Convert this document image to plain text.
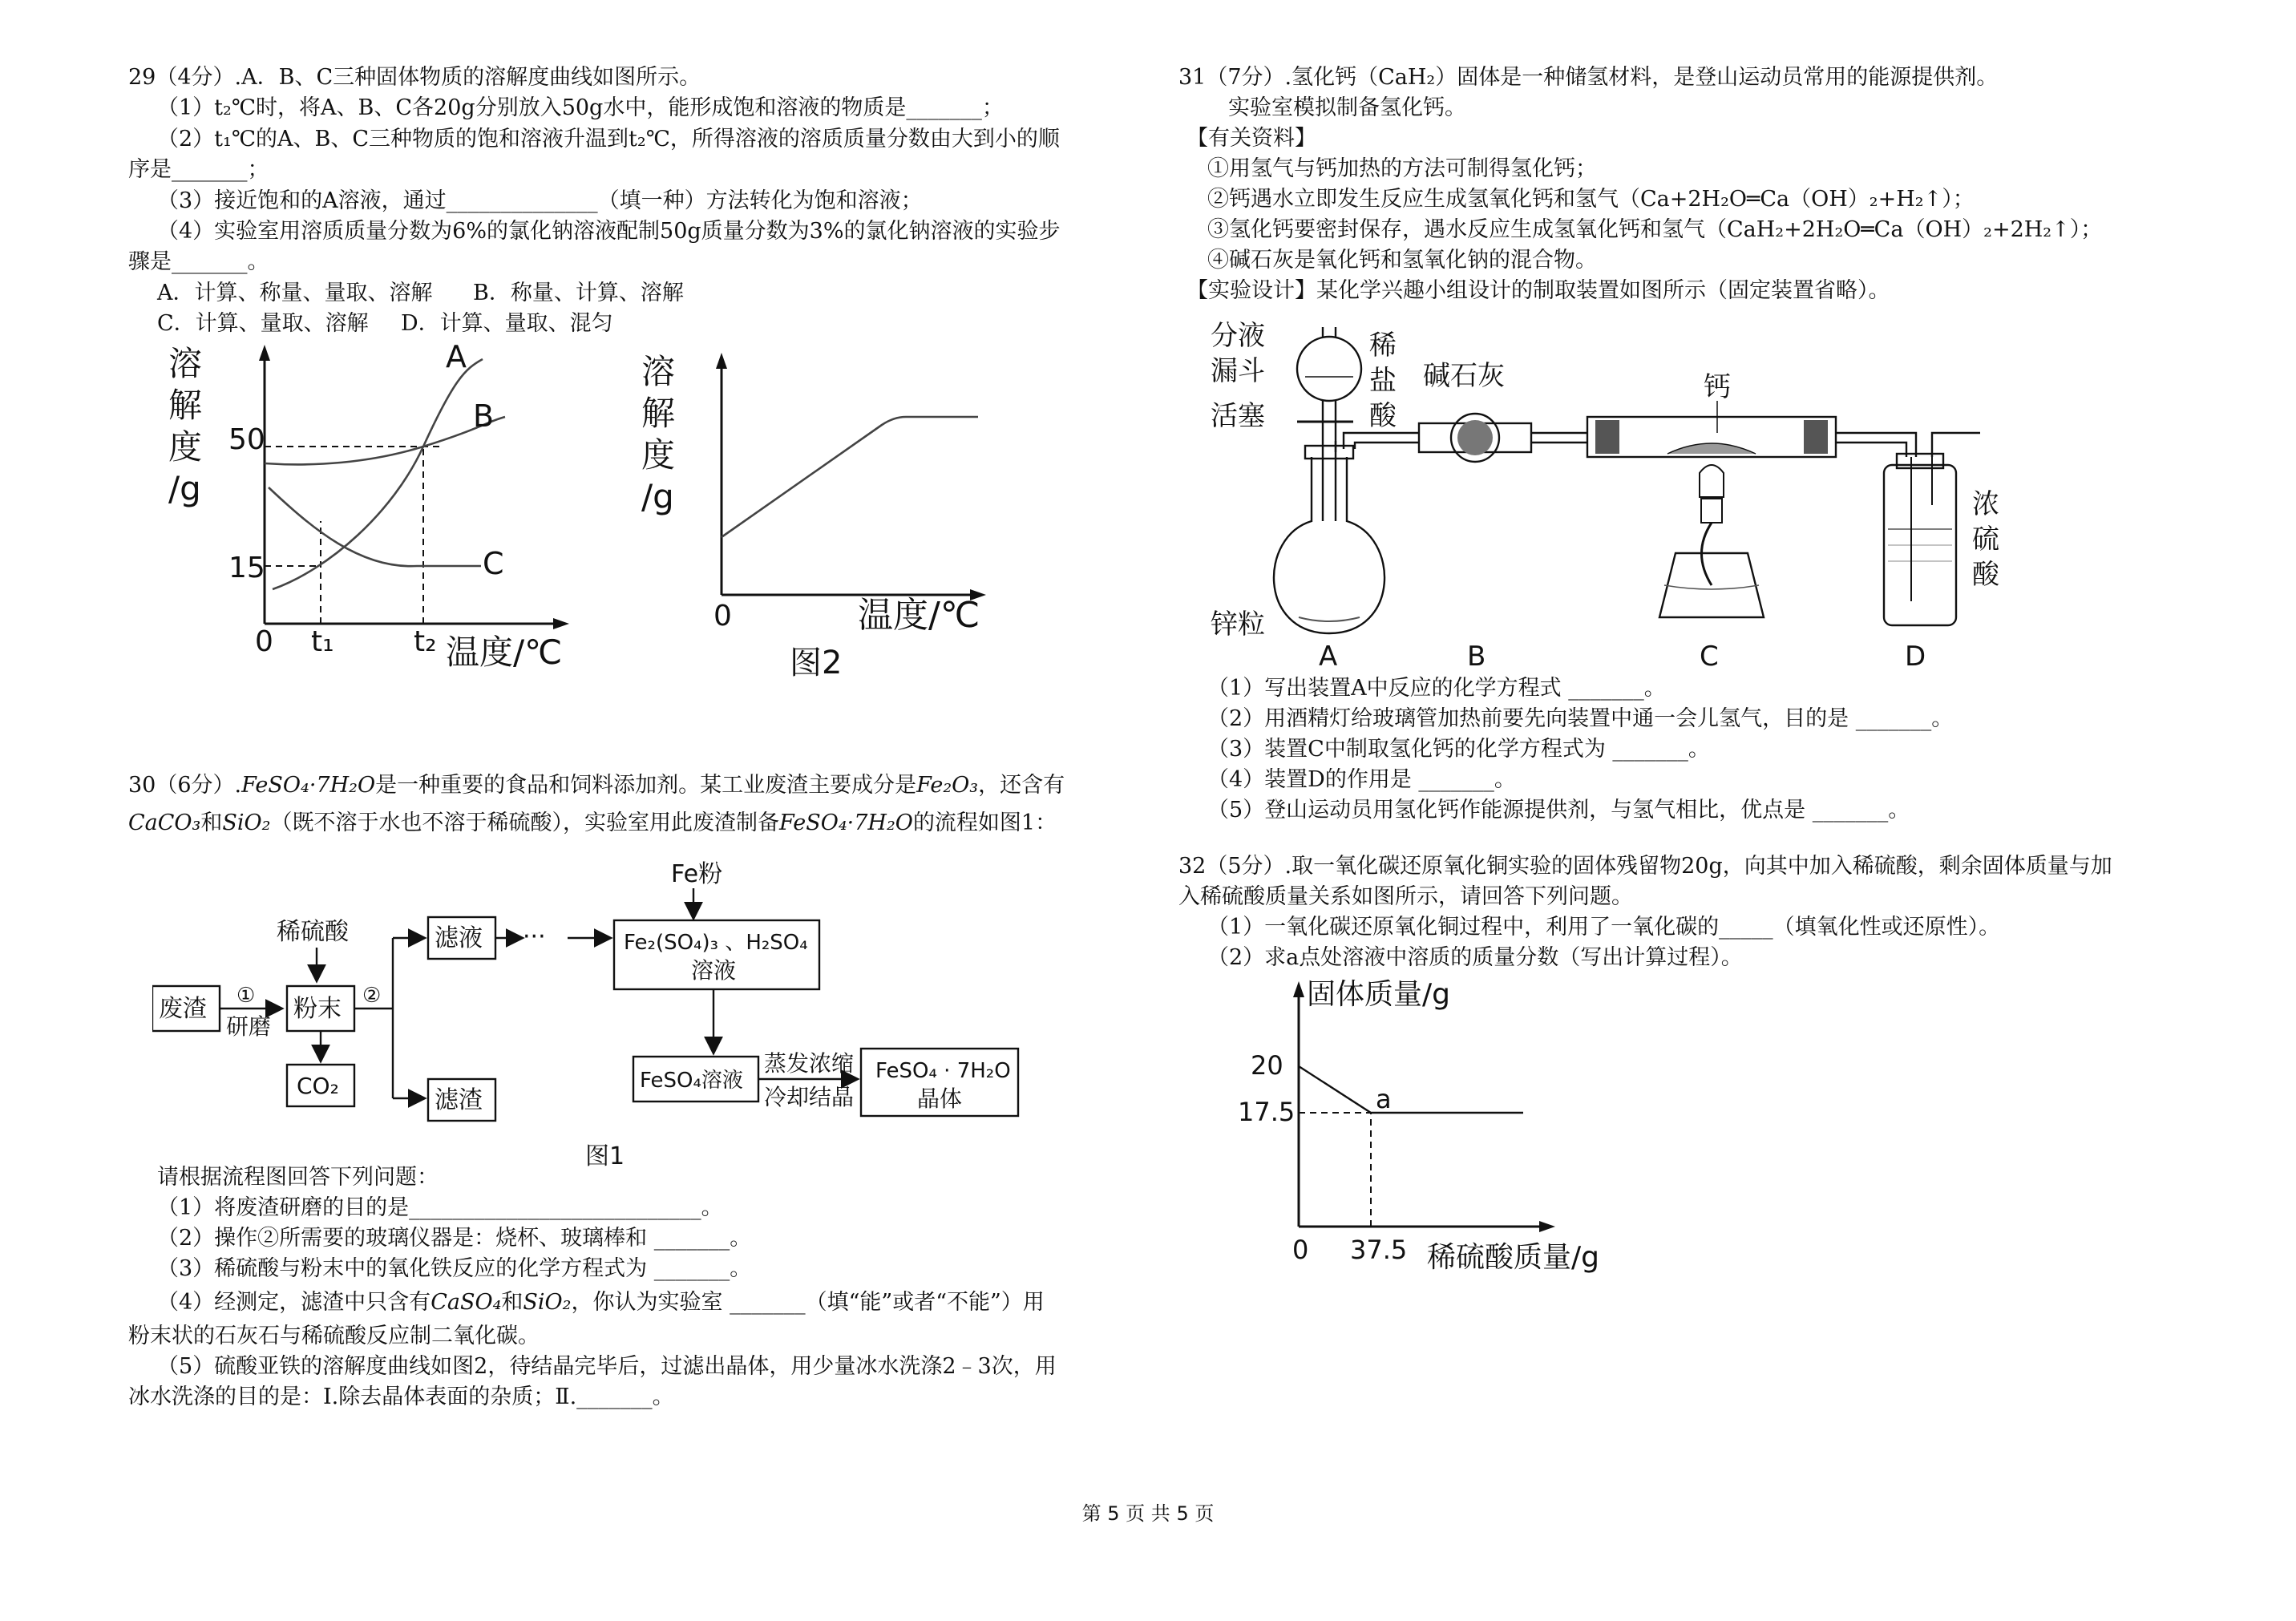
29（4分）.A．B、C三种固体物质的溶解度曲线如图所示。
（1）t₂℃时，将A、B、C各20g分别放入50g水中，能形成饱和溶液的物质是_______；
（2）t₁℃的A、B、C三种物质的饱和溶液升温到t₂℃，所得溶液的溶质质量分数由大到小的顺
序是_______；
（3）接近饱和的A溶液，通过______________（填一种）方法转化为饱和溶液；
（4）实验室用溶质质量分数为6%的氯化钠溶液配制50g质量分数为3%的氯化钠溶液的实验步
骤是_______。
A．计算、称量、量取、溶解 B．称量、计算、溶解
C．计算、量取、溶解 D．计算、量取、混匀
溶
解
度
/g
50
15
0 t₁	t₂ 温度/℃
A
B
C
溶
解
度
/g
0	温度/℃
图2
30（6分）.FeSO₄·7H₂O是一种重要的食品和饲料添加剂。某工业废渣主要成分是Fe₂O₃，还含有
CaCO₃和SiO₂（既不溶于水也不溶于稀硫酸），实验室用此废渣制备FeSO₄·7H₂O的流程如图1：
Fe粉
稀硫酸
废渣 ①
研磨
粉末 ②
滤液 ···	Fe₂(SO₄)₃ 、H₂SO₄
溶液
CO₂
滤渣
FeSO₄溶液
蒸发浓缩
冷却结晶
FeSO₄ · 7H₂O
晶体
图1
请根据流程图回答下列问题：
（1）将废渣研磨的目的是___________________________。
（2）操作②所需要的玻璃仪器是：烧杯、玻璃棒和 _______。
（3）稀硫酸与粉末中的氧化铁反应的化学方程式为 _______。
（4）经测定，滤渣中只含有CaSO₄和SiO₂，你认为实验室 _______（填“能”或者“不能”）用
粉末状的石灰石与稀硫酸反应制二氧化碳。
（5）硫酸亚铁的溶解度曲线如图2，待结晶完毕后，过滤出晶体，用少量冰水洗涤2﹣3次，用
冰水洗涤的目的是：Ⅰ.除去晶体表面的杂质；Ⅱ._______。
31（7分）.氢化钙（CaH₂）固体是一种储氢材料，是登山运动员常用的能源提供剂。
实验室模拟制备氢化钙。
【有关资料】
①用氢气与钙加热的方法可制得氢化钙；
②钙遇水立即发生反应生成氢氧化钙和氢气（Ca+2H₂O═Ca（OH）₂+H₂↑）；
③氢化钙要密封保存，遇水反应生成氢氧化钙和氢气（CaH₂+2H₂O═Ca（OH）₂+2H₂↑）；
④碱石灰是氧化钙和氢氧化钠的混合物。
【实验设计】某化学兴趣小组设计的制取装置如图所示（固定装置省略）。
分液
漏斗
活塞
稀
盐
酸
锌粒
A
碱石灰
B
钙
C
浓
硫
酸
D
（1）写出装置A中反应的化学方程式 _______。
（2）用酒精灯给玻璃管加热前要先向装置中通一会儿氢气，目的是 _______。
（3）装置C中制取氢化钙的化学方程式为 _______。
（4）装置D的作用是 _______。
（5）登山运动员用氢化钙作能源提供剂，与氢气相比，优点是 _______。
32（5分）.取一氧化碳还原氧化铜实验的固体残留物20g，向其中加入稀硫酸，剩余固体质量与加
入稀硫酸质量关系如图所示，请回答下列问题。
（1）一氧化碳还原氧化铜过程中，利用了一氧化碳的_____（填氧化性或还原性）。
（2）求a点处溶液中溶质的质量分数（写出计算过程）。
固体质量/g
20
17.5	a
0 37.5 稀硫酸质量/g
第 5 页 共 5 页
